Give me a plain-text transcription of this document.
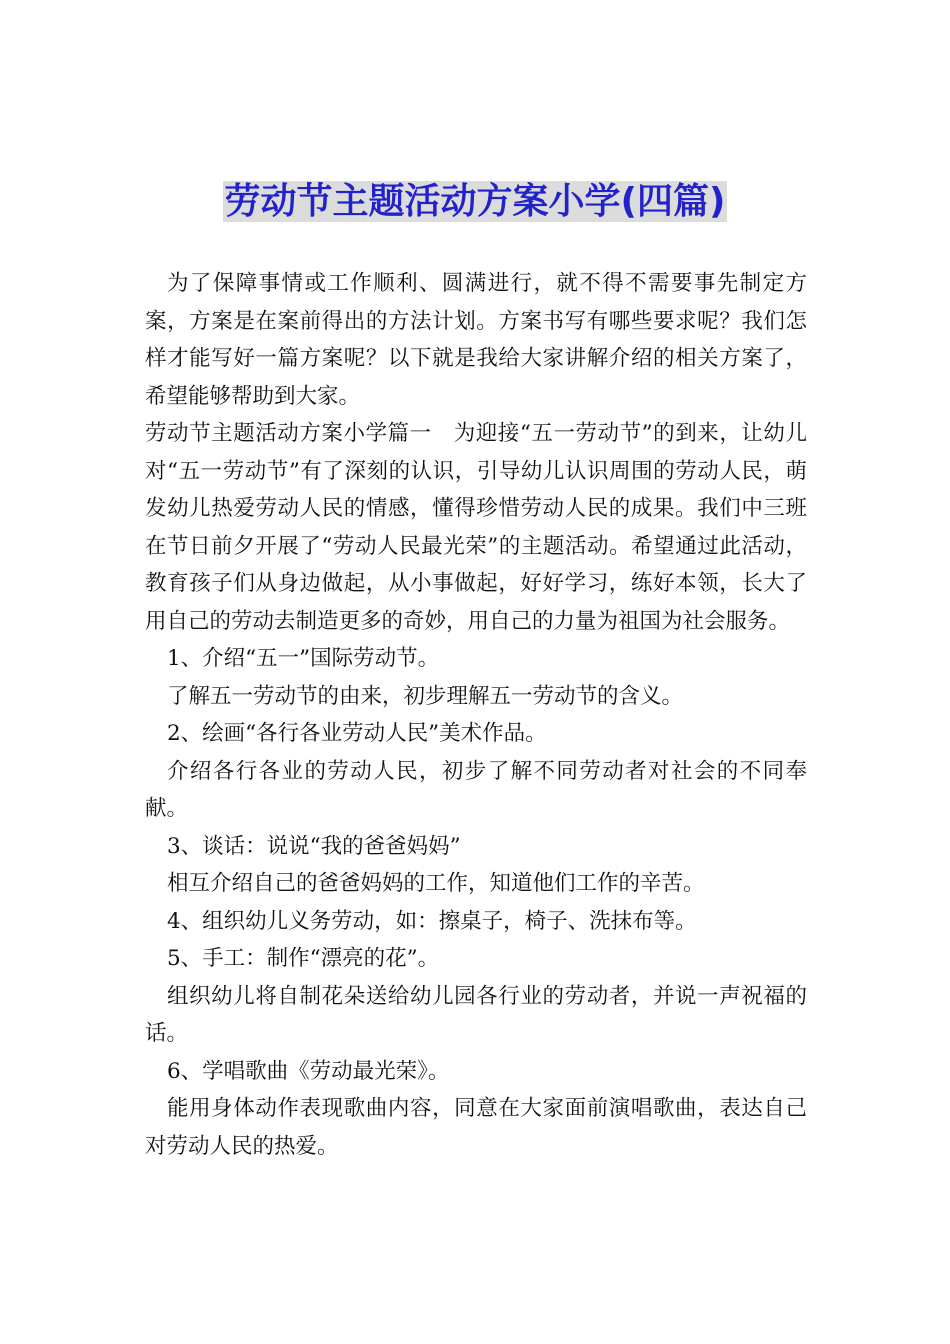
劳动节主题活动方案小学(四篇)

为了保障事情或工作顺利、圆满进行，就不得不需要事先制定方案，方案是在案前得出的方法计划。方案书写有哪些要求呢？我们怎样才能写好一篇方案呢？以下就是我给大家讲解介绍的相关方案了，希望能够帮助到大家。

劳动节主题活动方案小学篇一　为迎接“五一劳动节”的到来，让幼儿对“五一劳动节”有了深刻的认识，引导幼儿认识周围的劳动人民，萌发幼儿热爱劳动人民的情感，懂得珍惜劳动人民的成果。我们中三班在节日前夕开展了“劳动人民最光荣”的主题活动。希望通过此活动，教育孩子们从身边做起，从小事做起，好好学习，练好本领，长大了用自己的劳动去制造更多的奇妙，用自己的力量为祖国为社会服务。

1、介绍“五一”国际劳动节。

了解五一劳动节的由来，初步理解五一劳动节的含义。

2、绘画“各行各业劳动人民”美术作品。

介绍各行各业的劳动人民，初步了解不同劳动者对社会的不同奉献。

3、谈话：说说“我的爸爸妈妈”

相互介绍自己的爸爸妈妈的工作，知道他们工作的辛苦。

4、组织幼儿义务劳动，如：擦桌子，椅子、洗抹布等。

5、手工：制作“漂亮的花”。

组织幼儿将自制花朵送给幼儿园各行业的劳动者，并说一声祝福的话。

6、学唱歌曲《劳动最光荣》。

能用身体动作表现歌曲内容，同意在大家面前演唱歌曲，表达自己对劳动人民的热爱。
